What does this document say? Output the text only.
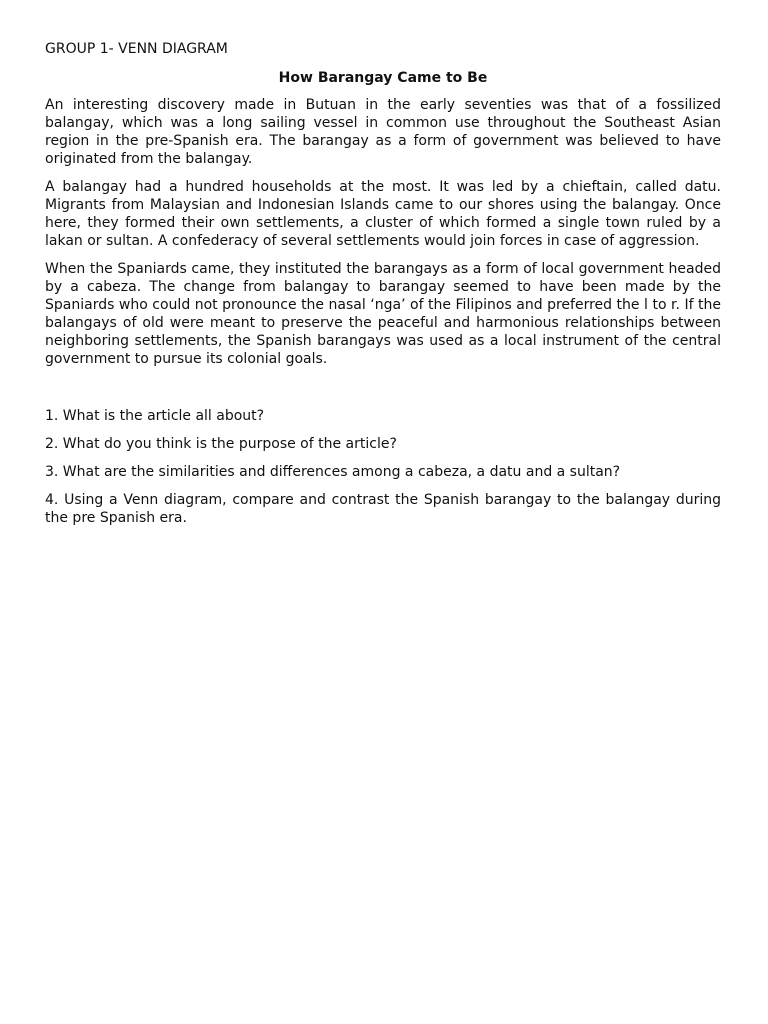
GROUP 1- VENN DIAGRAM

How Barangay Came to Be

An interesting discovery made in Butuan in the early seventies was that of a fossilized balangay, which was a long sailing vessel in common use throughout the Southeast Asian region in the pre-Spanish era. The barangay as a form of government was believed to have originated from the balangay.

A balangay had a hundred households at the most. It was led by a chieftain, called datu. Migrants from Malaysian and Indonesian Islands came to our shores using the balangay. Once here, they formed their own settlements, a cluster of which formed a single town ruled by a lakan or sultan. A confederacy of several settlements would join forces in case of aggression.

When the Spaniards came, they instituted the barangays as a form of local government headed by a cabeza. The change from balangay to barangay seemed to have been made by the Spaniards who could not pronounce the nasal ‘nga’ of the Filipinos and preferred the l to r. If the balangays of old were meant to preserve the peaceful and harmonious relationships between neighboring settlements, the Spanish barangays was used as a local instrument of the central government to pursue its colonial goals.

1. What is the article all about?

2. What do you think is the purpose of the article?

3. What are the similarities and differences among a cabeza, a datu and a sultan?

4. Using a Venn diagram, compare and contrast the Spanish barangay to the balangay during the pre Spanish era.
